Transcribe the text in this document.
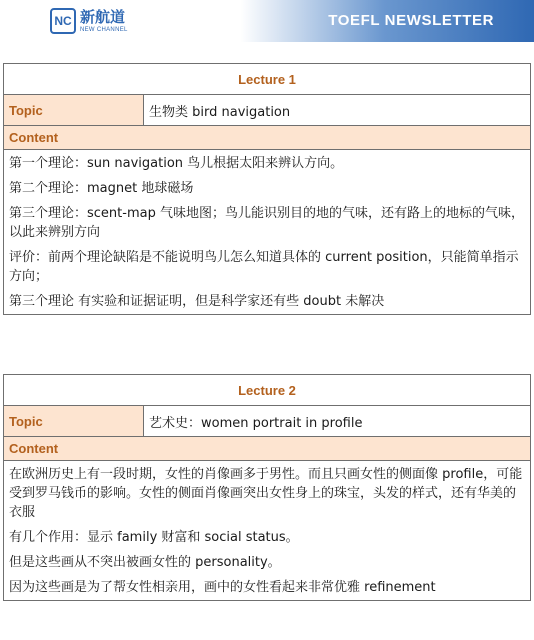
NC 新航道
NEW CHANNEL
TOEFL NEWSLETTER
Lecture 1
Topic	生物类 bird navigation
Content

第一个理论：sun navigation 鸟儿根据太阳来辨认方向。

第二个理论：magnet 地球磁场

第三个理论：scent-map 气味地图；鸟儿能识别目的地的气味，还有路上的地标的气味，以此来辨别方向

评价：前两个理论缺陷是不能说明鸟儿怎么知道具体的 current position，只能简单指示方向；

第三个理论 有实验和证据证明，但是科学家还有些 doubt 未解决

Lecture 2
Topic	艺术史：women portrait in profile
Content

在欧洲历史上有一段时期，女性的肖像画多于男性。而且只画女性的侧面像 profile，可能受到罗马钱币的影响。女性的侧面肖像画突出女性身上的珠宝，头发的样式，还有华美的衣服

有几个作用：显示 family 财富和 social status。

但是这些画从不突出被画女性的 personality。

因为这些画是为了帮女性相亲用，画中的女性看起来非常优雅 refinement
